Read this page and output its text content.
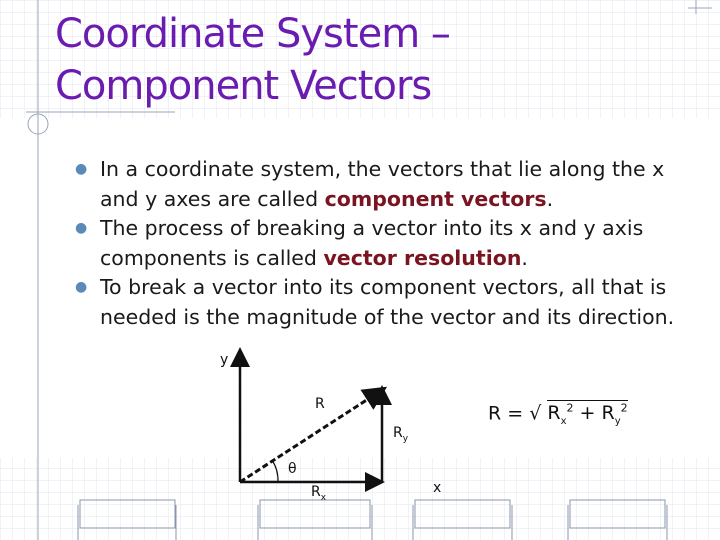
Coordinate System –
Component Vectors
● In a coordinate system, the vectors that lie along the x and y axes are called component vectors.
● The process of breaking a vector into its x and y axis components is called vector resolution.
● To break a vector into its component vectors, all that is needed is the magnitude of the vector and its direction.
y
x
R
θ
$R_x$
$R_y$
R = √ $R_x^2 + R_y^2$
